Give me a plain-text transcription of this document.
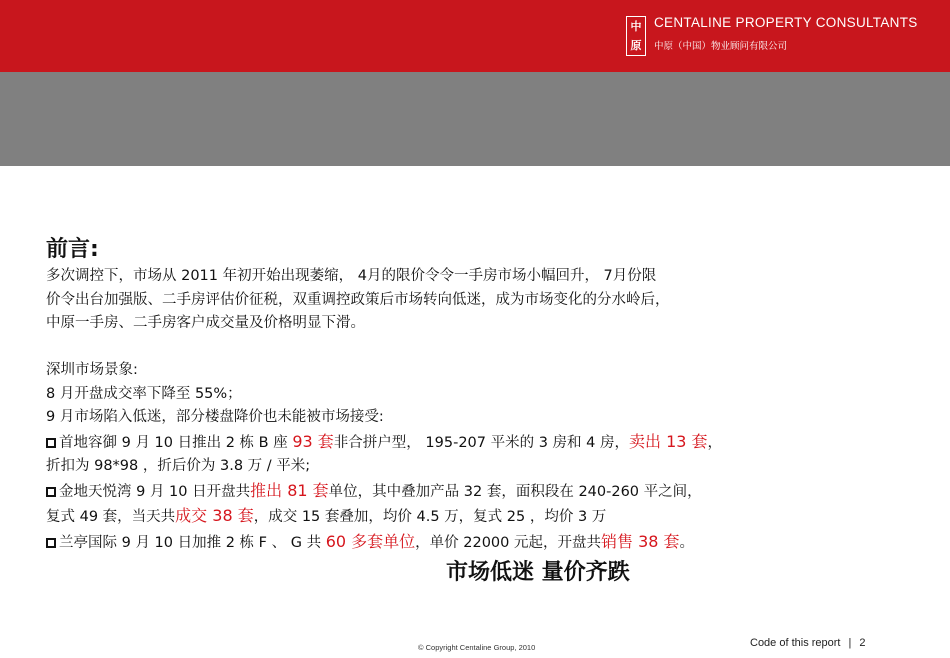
中
原
CENTALINE PROPERTY CONSULTANTS
中原（中国）物业顾问有限公司
前言:
多次调控下，市场从 2011 年初开始出现萎缩， 4月的限价令令一手房市场小幅回升， 7月份限
价令出台加强版、二手房评估价征税，双重调控政策后市场转向低迷，成为市场变化的分水岭后，
中原一手房、二手房客户成交量及价格明显下滑。
深圳市场景象:
8 月开盘成交率下降至 55%；
9 月市场陷入低迷，部分楼盘降价也未能被市场接受:
首地容御 9 月 10 日推出 2 栋 B 座 93 套非合拼户型， 195-207 平米的 3 房和 4 房，卖出 13 套，
折扣为 98*98 ，折后价为 3.8 万 / 平米;
金地天悦湾 9 月 10 日开盘共推出 81 套单位，其中叠加产品 32 套，面积段在 240-260 平之间，
复式 49 套，当天共成交 38 套，成交 15 套叠加，均价 4.5 万，复式 25 ，均价 3 万
兰亭国际 9 月 10 日加推 2 栋 F 、 G 共 60 多套单位，单价 22000 元起，开盘共销售 38 套。
市场低迷 量价齐跌
© Copyright Centaline Group, 2010	Code of this report | 2
